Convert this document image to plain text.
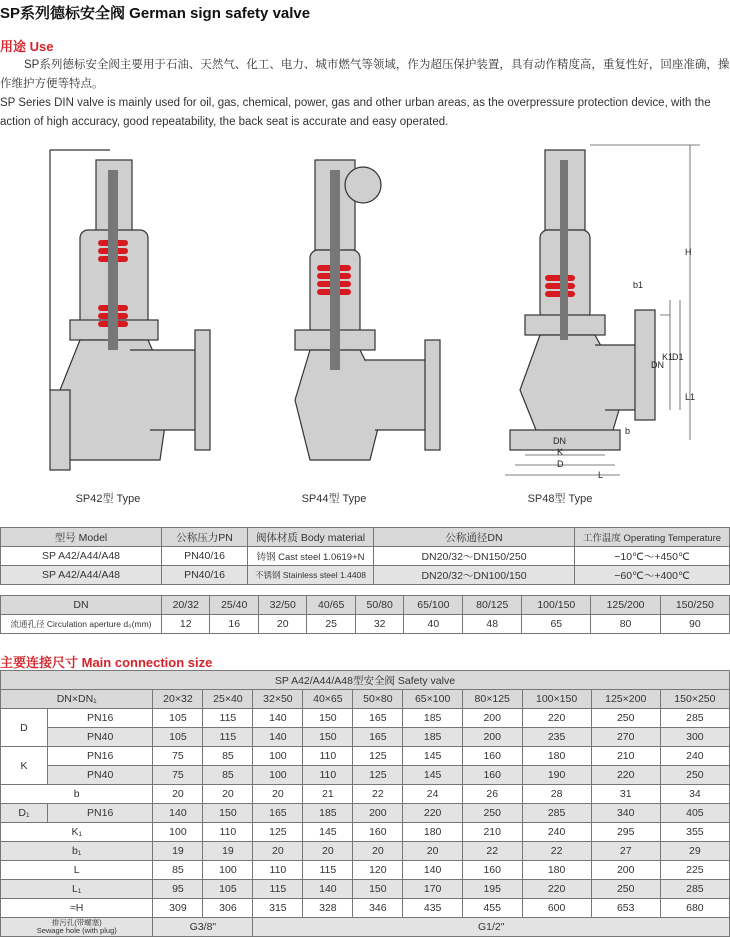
SP系列德标安全阀 German sign safety valve
用途 Use
SP系列德标安全阀主要用于石油、天然气、化工、电力、城市燃气等领域，作为超压保护装置，具有动作精度高，重复性好，回座准确，操作维护方便等特点。
SP Series DIN valve is mainly used for oil, gas, chemical, power, gas and other urban areas, as the overpressure protection device, with the action of high accuracy, good repeatability, the back seat is accurate and easy operated.
H
b1
DN
K1
D1
L1
b
DN
K
D
L
SP42型 Type	SP44型 Type	SP48型 Type
型号 Model	公称压力PN	阀体材质 Body material	公称通径DN	工作温度 Operating Temperature
SP A42/A44/A48	PN40/16	铸钢 Cast steel 1.0619+N	DN20/32～DN150/250	−10℃～+450℃
SP A42/A44/A48	PN40/16	不锈钢 Stainless steel 1.4408	DN20/32～DN100/150	−60℃～+400℃
DN	20/32	25/40	32/50	40/65	50/80	65/100	80/125	100/150	125/200	150/250
流通孔径 Circulation aperture d₀(mm)	12	16	20	25	32	40	48	65	80	90
主要连接尺寸 Main connection size
SP A42/A44/A48型安全阀 Safety valve											
DN×DN₁		20×32	25×40	32×50	40×65	50×80	65×100	80×125	100×150	125×200	150×250
D	PN16	105	115	140	150	165	185	200	220	250	285
	PN40	105	115	140	150	165	185	200	235	270	300
K	PN16	75	85	100	110	125	145	160	180	210	240
	PN40	75	85	100	110	125	145	160	190	220	250
b		20	20	20	21	22	24	26	28	31	34
D₁	PN16	140	150	165	185	200	220	250	285	340	405
K₁		100	110	125	145	160	180	210	240	295	355
b₁		19	19	20	20	20	20	22	22	27	29
L		85	100	110	115	120	140	160	180	200	225
L₁		95	105	115	140	150	170	195	220	250	285
≈H		309	306	315	328	346	435	455	600	653	680

排污孔(带螺塞)
Sewage hole (with plug)		G3/8"		G1/2"							
